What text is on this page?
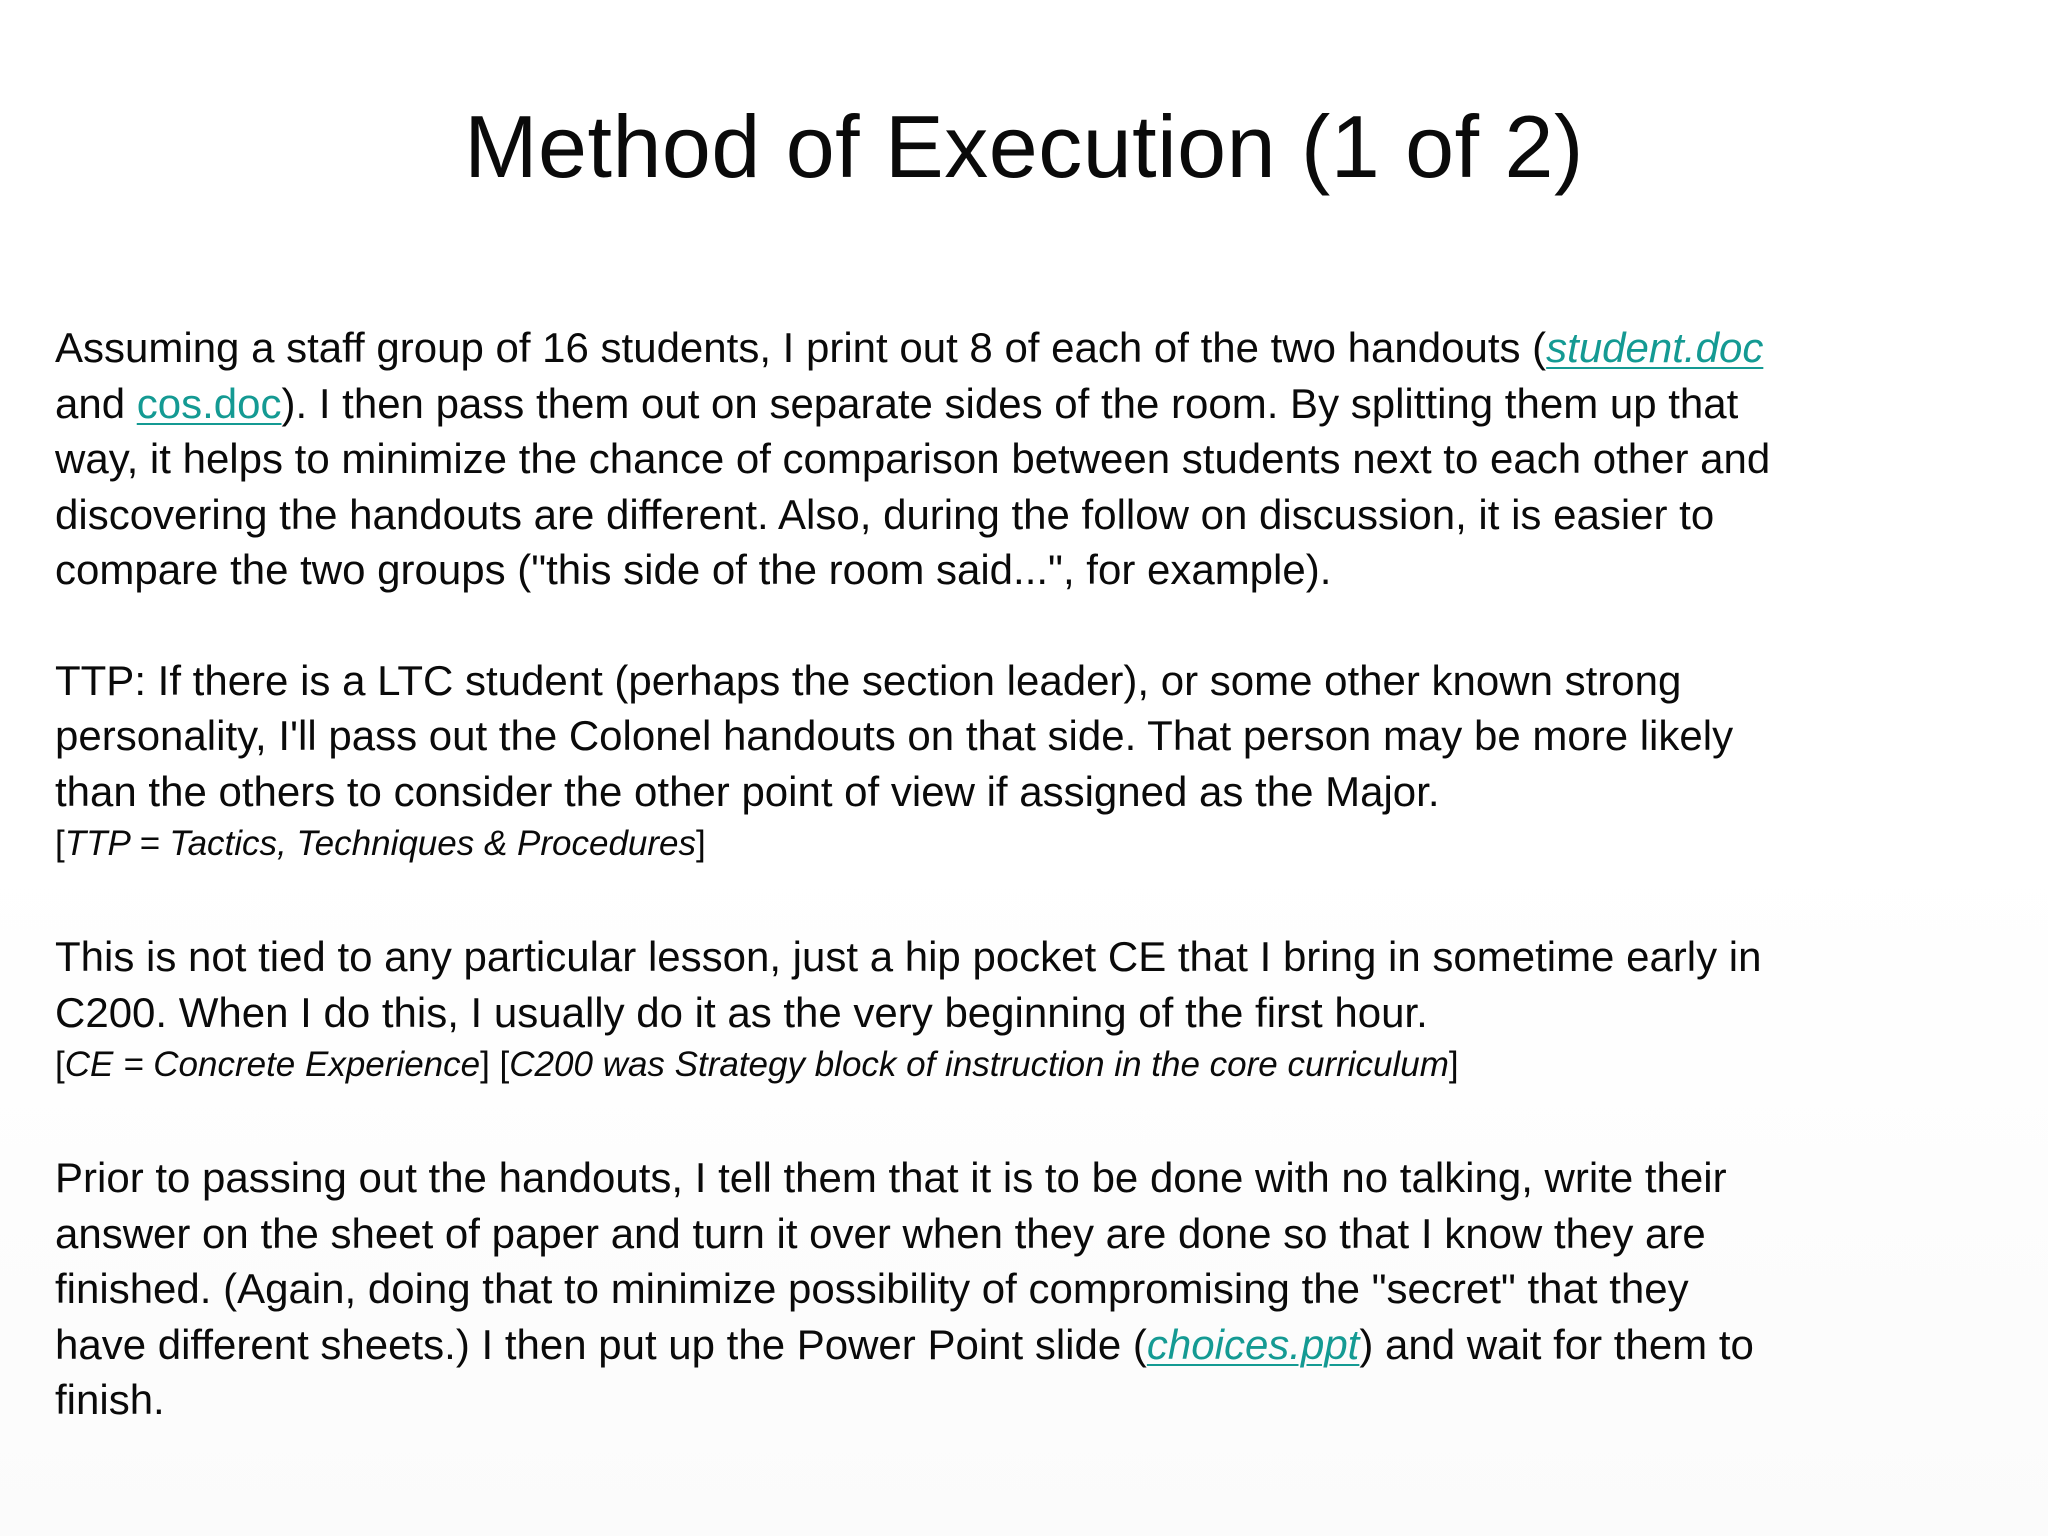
Method of Execution (1 of 2)

Assuming a staff group of 16 students, I print out 8 of each of the two handouts (student.doc

and cos.doc). I then pass them out on separate sides of the room. By splitting them up that

way, it helps to minimize the chance of comparison between students next to each other and

discovering the handouts are different. Also, during the follow on discussion, it is easier to

compare the two groups ("this side of the room said...", for example).

TTP: If there is a LTC student (perhaps the section leader), or some other known strong

personality, I'll pass out the Colonel handouts on that side. That person may be more likely

than the others to consider the other point of view if assigned as the Major.

[TTP = Tactics, Techniques & Procedures]

This is not tied to any particular lesson, just a hip pocket CE that I bring in sometime early in

C200. When I do this, I usually do it as the very beginning of the first hour.

[CE = Concrete Experience] [C200 was Strategy block of instruction in the core curriculum]

Prior to passing out the handouts, I tell them that it is to be done with no talking, write their

answer on the sheet of paper and turn it over when they are done so that I know they are

finished. (Again, doing that to minimize possibility of compromising the "secret" that they

have different sheets.) I then put up the Power Point slide (choices.ppt) and wait for them to

finish.
